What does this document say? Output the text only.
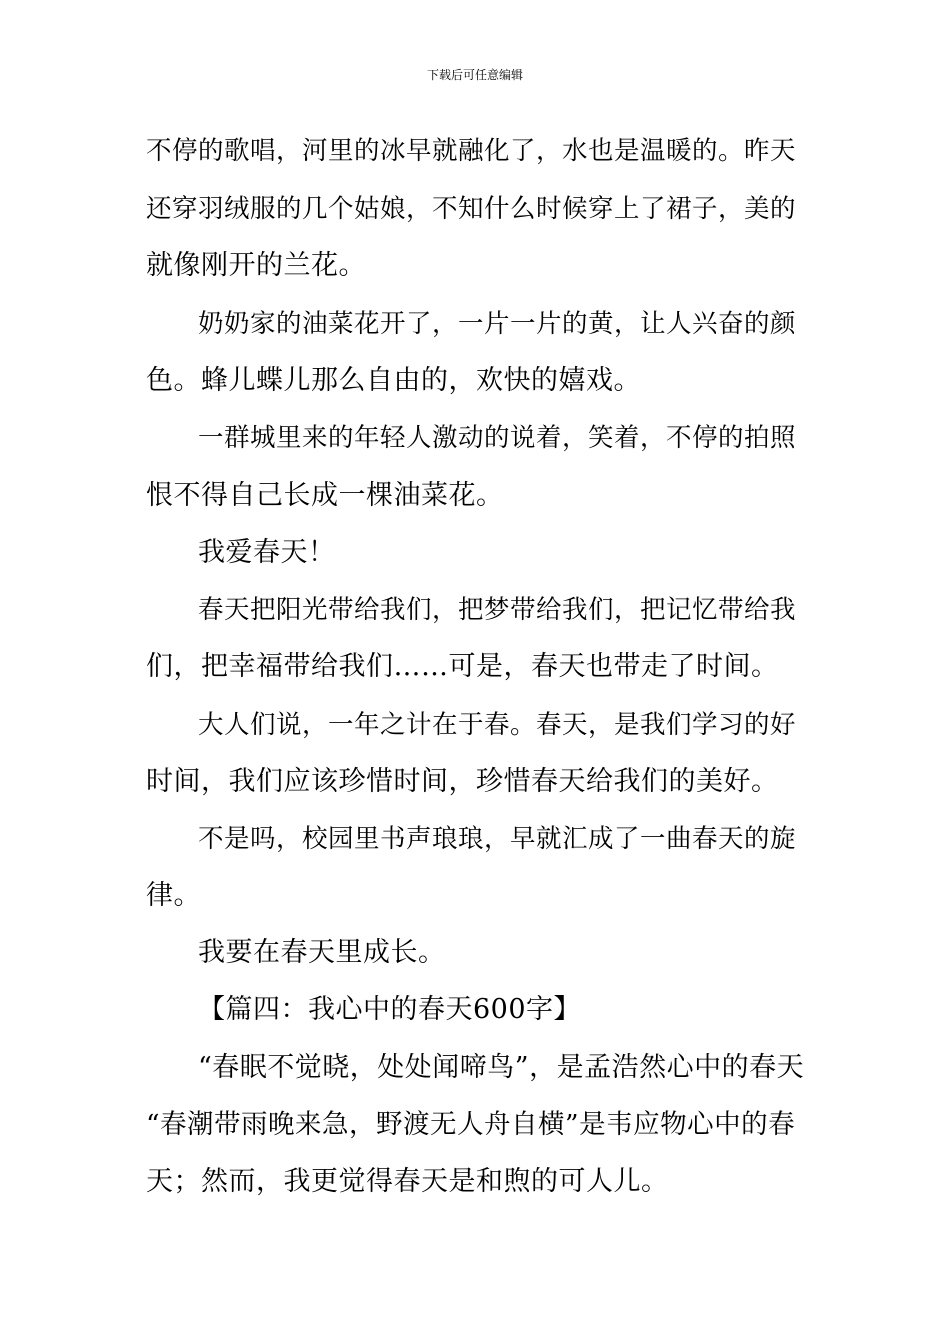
下载后可任意编辑
不停的歌唱，河里的冰早就融化了，水也是温暖的。昨天
还穿羽绒服的几个姑娘，不知什么时候穿上了裙子，美的
就像刚开的兰花。
奶奶家的油菜花开了，一片一片的黄，让人兴奋的颜
色。蜂儿蝶儿那么自由的，欢快的嬉戏。
一群城里来的年轻人激动的说着，笑着，不停的拍照
恨不得自己长成一棵油菜花。
我爱春天！
春天把阳光带给我们，把梦带给我们，把记忆带给我
们，把幸福带给我们……可是，春天也带走了时间。
大人们说，一年之计在于春。春天，是我们学习的好
时间，我们应该珍惜时间，珍惜春天给我们的美好。
不是吗，校园里书声琅琅，早就汇成了一曲春天的旋
律。
我要在春天里成长。
【篇四：我心中的春天600字】
“春眠不觉晓，处处闻啼鸟”，是孟浩然心中的春天
“春潮带雨晚来急，野渡无人舟自横”是韦应物心中的春
天；然而，我更觉得春天是和煦的可人儿。
